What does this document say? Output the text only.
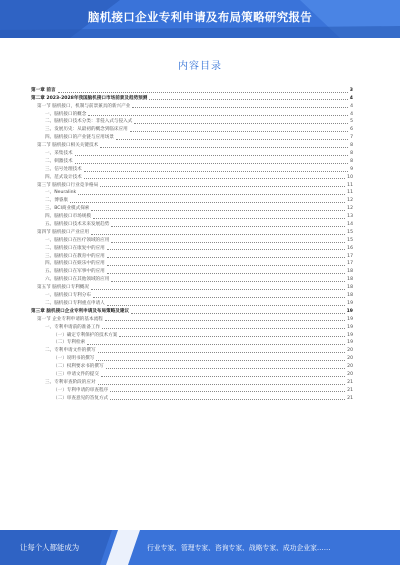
脑机接口企业专利申请及布局策略研究报告
内容目录
第一章 前言	3
第二章 2023-2028年我国脑机接口市场前景及趋势预测	4
第一节 脑机接口，机制与前景兼具的新兴产业	4
一、脑机接口的概念	4
二、脑机接口技术分类：非侵入式与侵入式	5
三、发展历史：从最初的概念到临床应用	6
四、脑机接口的产业链与应用场景	7
第二节 脑机接口相关关键技术	8
一、采集技术	8
二、刺激技术	8
三、信号处理技术	9
四、范式设计技术	10
第三节 脑机接口行业竞争格局	11
一、Neuralink	11
二、博睿康	12
三、BCI商业模式探索	12
四、脑机接口市场规模	13
五、脑机接口技术未来发展趋势	14
第四节 脑机接口产业应用	15
一、脑机接口在医疗领域的应用	15
二、脑机接口在康复中的应用	16
三、脑机接口在教育中的应用	17
四、脑机接口在娱乐中的应用	17
五、脑机接口在军事中的应用	18
六、脑机接口在其他领域的应用	18
第五节 脑机接口专利概况	18
一、脑机接口专利分布	18
二、脑机接口专利重点申请人	19
第三章 脑机接口企业专利申请及布局策略及建议	19
第一节 企业专利申请的基本流程	19
一、专利申请前的准备工作	19
（一）确定专利保护的技术方案	19
（二）专利检索	19
二、专利申请文件的撰写	20
（一）说明书的撰写	20
（二）权利要求书的撰写	20
（三）申请文件的提交	20
三、专利审查阶段的应对	21
（一）专利申请的审查程序	21
（二）审查意见的答复方式	21
让每个人都能成为	行业专家、管理专家、咨询专家、战略专家、成功企业家……
